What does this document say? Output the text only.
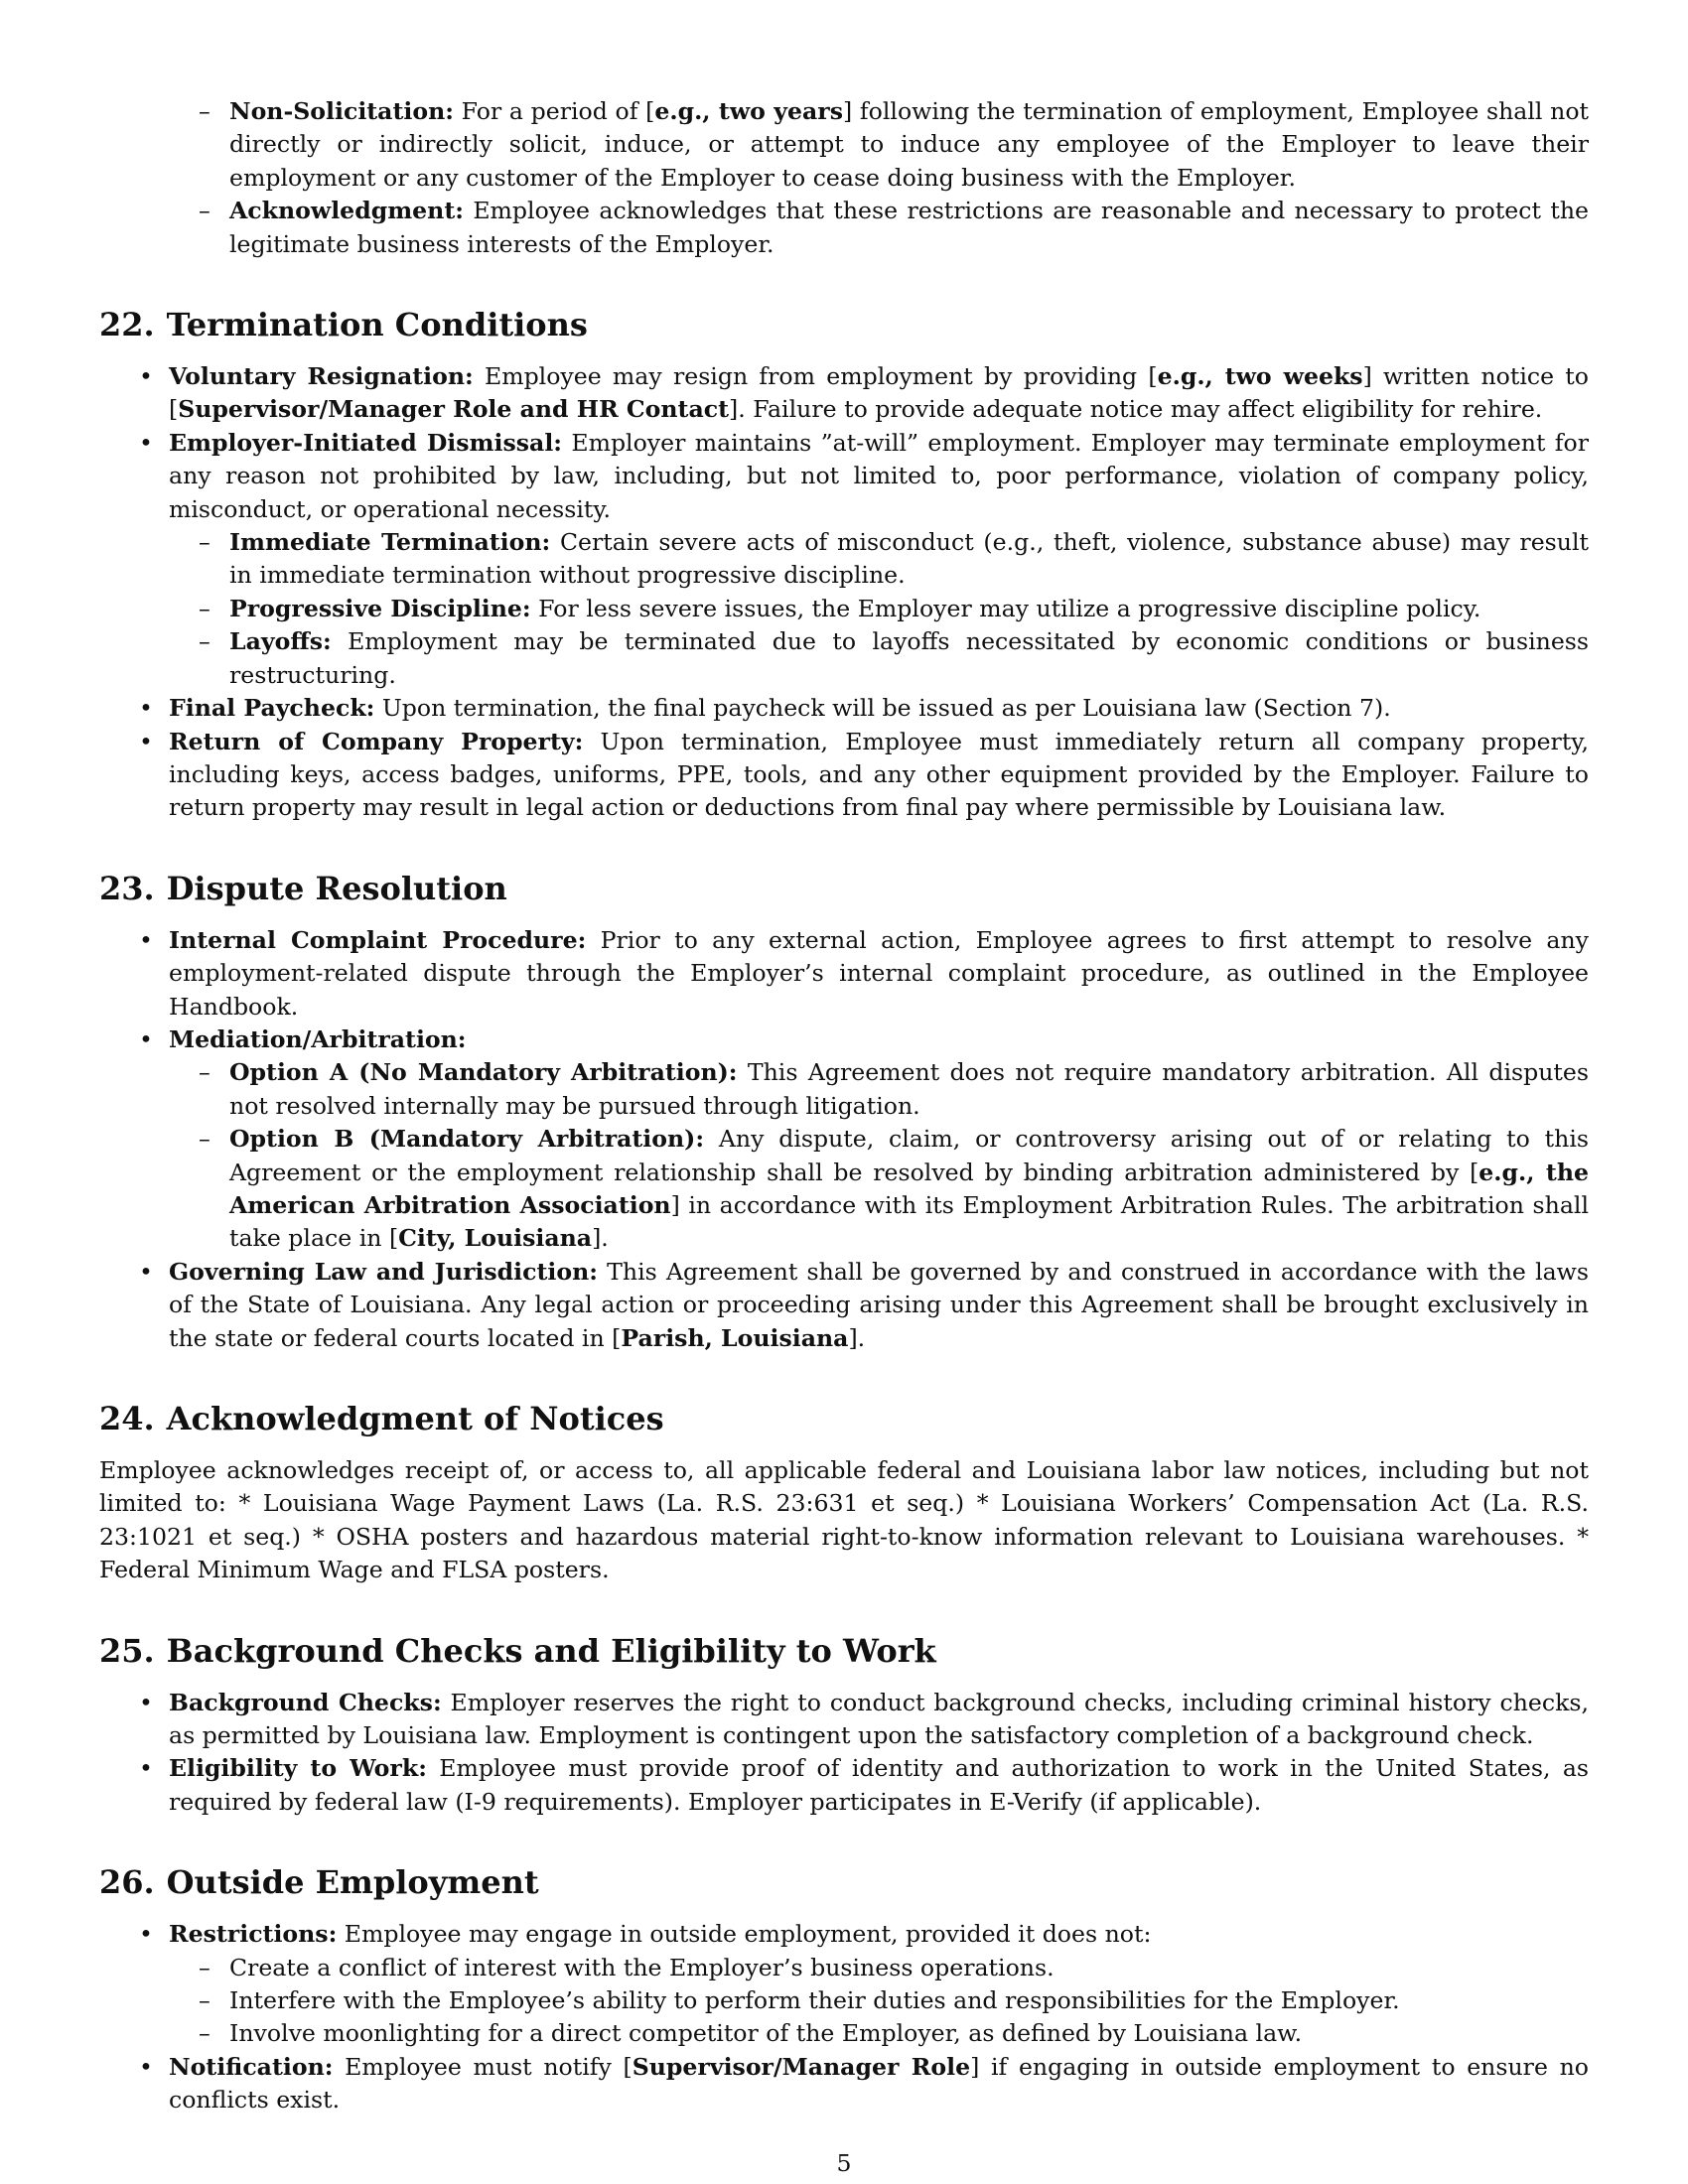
– Non-Solicitation: For a period of [e.g., two years] following the termination of employment, Employee shall not directly or indirectly solicit, induce, or attempt to induce any employee of the Employer to leave their employment or any customer of the Employer to cease doing business with the Employer.
– Acknowledgment: Employee acknowledges that these restrictions are reasonable and necessary to protect the legitimate business interests of the Employer.
22. Termination Conditions
• Voluntary Resignation: Employee may resign from employment by providing [e.g., two weeks] written notice to [Supervisor/Manager Role and HR Contact]. Failure to provide adequate notice may affect eligibility for rehire.
• Employer-Initiated Dismissal: Employer maintains ”at-will” employment. Employer may terminate employment for any reason not prohibited by law, including, but not limited to, poor performance, violation of company policy, misconduct, or operational necessity.
– Immediate Termination: Certain severe acts of misconduct (e.g., theft, violence, substance abuse) may result in immediate termination without progressive discipline.
– Progressive Discipline: For less severe issues, the Employer may utilize a progressive discipline policy.
– Layoffs: Employment may be terminated due to layoffs necessitated by economic conditions or business restructuring.
• Final Paycheck: Upon termination, the final paycheck will be issued as per Louisiana law (Section 7).
• Return of Company Property: Upon termination, Employee must immediately return all company property, including keys, access badges, uniforms, PPE, tools, and any other equipment provided by the Employer. Failure to return property may result in legal action or deductions from final pay where permissible by Louisiana law.
23. Dispute Resolution
• Internal Complaint Procedure: Prior to any external action, Employee agrees to first attempt to resolve any employment-related dispute through the Employer’s internal complaint procedure, as outlined in the Employee Handbook.
• Mediation/Arbitration:
– Option A (No Mandatory Arbitration): This Agreement does not require mandatory arbitration. All disputes not resolved internally may be pursued through litigation.
– Option B (Mandatory Arbitration): Any dispute, claim, or controversy arising out of or relating to this Agreement or the employment relationship shall be resolved by binding arbitration administered by [e.g., the American Arbitration Association] in accordance with its Employment Arbitration Rules. The arbitration shall take place in [City, Louisiana].
• Governing Law and Jurisdiction: This Agreement shall be governed by and construed in accordance with the laws of the State of Louisiana. Any legal action or proceeding arising under this Agreement shall be brought exclusively in the state or federal courts located in [Parish, Louisiana].
24. Acknowledgment of Notices

Employee acknowledges receipt of, or access to, all applicable federal and Louisiana labor law notices, including but not limited to: * Louisiana Wage Payment Laws (La. R.S. 23:631 et seq.) * Louisiana Workers’ Compensation Act (La. R.S. 23:1021 et seq.) * OSHA posters and hazardous material right-to-know information relevant to Louisiana warehouses. * Federal Minimum Wage and FLSA posters.

25. Background Checks and Eligibility to Work
• Background Checks: Employer reserves the right to conduct background checks, including criminal history checks, as permitted by Louisiana law. Employment is contingent upon the satisfactory completion of a background check.
• Eligibility to Work: Employee must provide proof of identity and authorization to work in the United States, as required by federal law (I-9 requirements). Employer participates in E-Verify (if applicable).
26. Outside Employment
• Restrictions: Employee may engage in outside employment, provided it does not:
– Create a conflict of interest with the Employer’s business operations.
– Interfere with the Employee’s ability to perform their duties and responsibilities for the Employer.
– Involve moonlighting for a direct competitor of the Employer, as defined by Louisiana law.
• Notification: Employee must notify [Supervisor/Manager Role] if engaging in outside employment to ensure no conflicts exist.
5
